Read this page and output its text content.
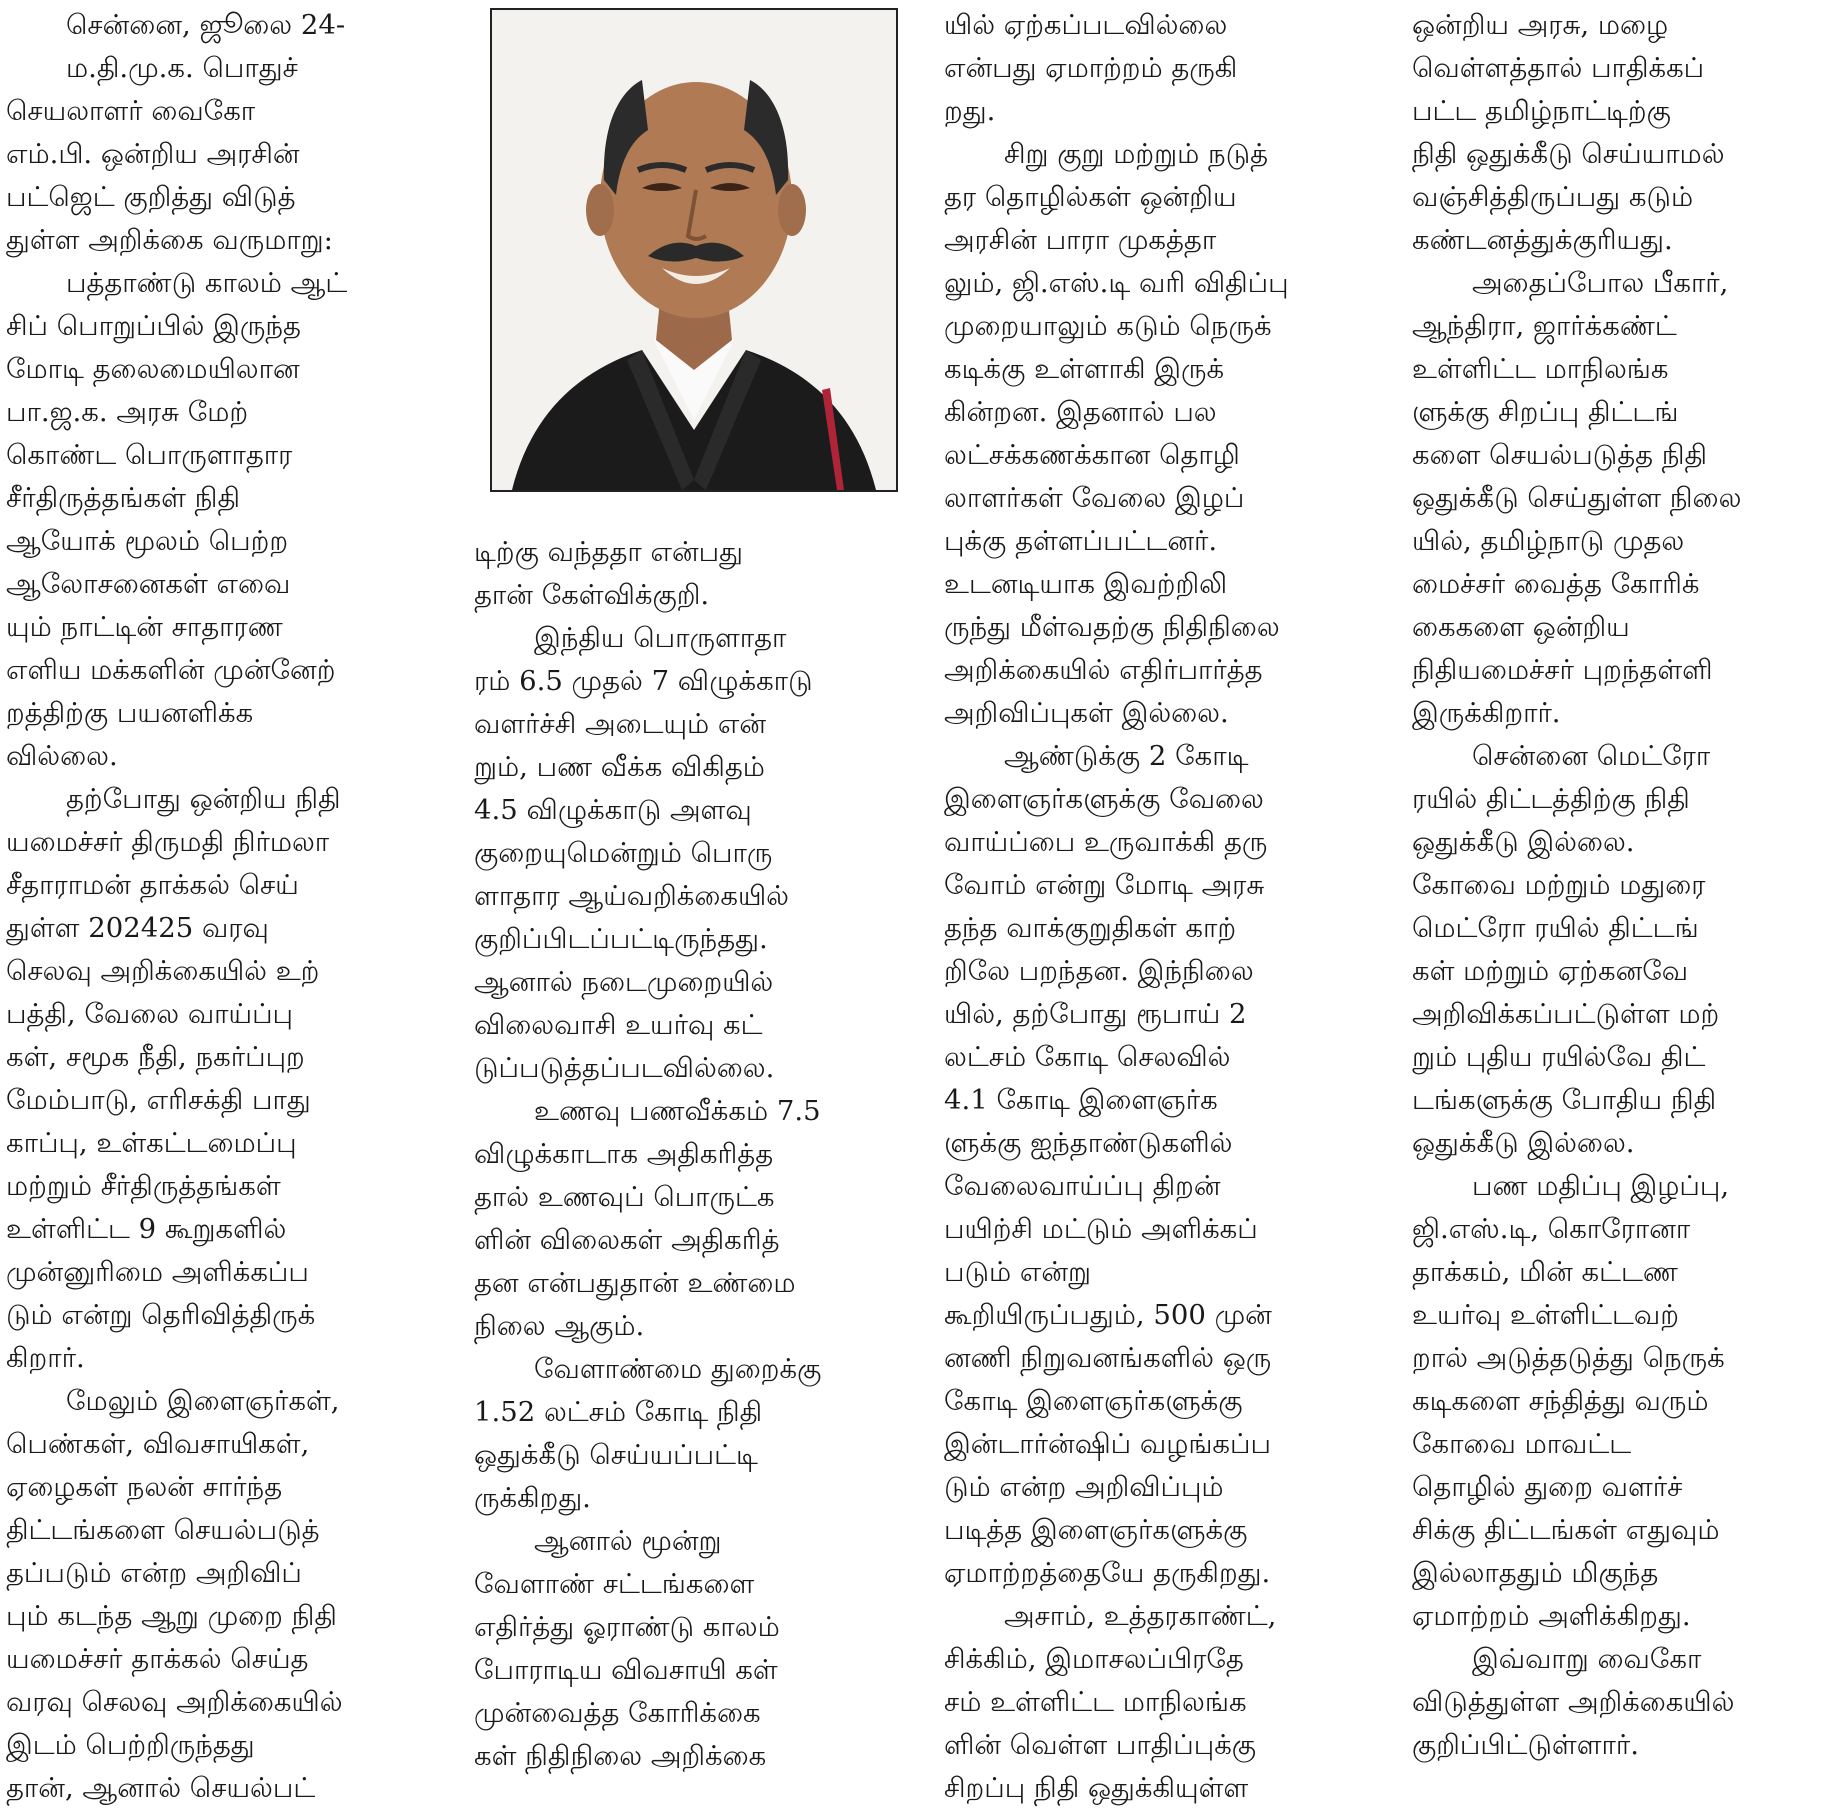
சென்னை, ஜூலை 24-
ம.தி.மு.க. பொதுச்
செயலாளர் வைகோ
எம்.பி. ஒன்றிய அரசின்
பட்ஜெட் குறித்து விடுத்
துள்ள அறிக்கை வருமாறு:
பத்தாண்டு காலம் ஆட்
சிப் பொறுப்பில் இருந்த
மோடி தலைமையிலான
பா.ஜ.க. அரசு மேற்
கொண்ட பொருளாதார
சீர்திருத்தங்கள் நிதி
ஆயோக் மூலம் பெற்ற
ஆலோசனைகள் எவை
யும் நாட்டின் சாதாரண
எளிய மக்களின் முன்னேற்
றத்திற்கு பயனளிக்க
வில்லை.
தற்போது ஒன்றிய நிதி
யமைச்சர் திருமதி நிர்மலா
சீதாராமன் தாக்கல் செய்
துள்ள 202425 வரவு
செலவு அறிக்கையில் உற்
பத்தி, வேலை வாய்ப்பு
கள், சமூக நீதி, நகர்ப்புற
மேம்பாடு, எரிசக்தி பாது
காப்பு, உள்கட்டமைப்பு
மற்றும் சீர்திருத்தங்கள்
உள்ளிட்ட 9 கூறுகளில்
முன்னுரிமை அளிக்கப்ப
டும் என்று தெரிவித்திருக்
கிறார்.
மேலும் இளைஞர்கள்,
பெண்கள், விவசாயிகள்,
ஏழைகள் நலன் சார்ந்த
திட்டங்களை செயல்படுத்
தப்படும் என்ற அறிவிப்
பும் கடந்த ஆறு முறை நிதி
யமைச்சர் தாக்கல் செய்த
வரவு செலவு அறிக்கையில்
இடம் பெற்றிருந்தது
தான், ஆனால் செயல்பட்
டிற்கு வந்ததா என்பது
தான் கேள்விக்குறி.
இந்திய பொருளாதா
ரம் 6.5 முதல் 7 விழுக்காடு
வளர்ச்சி அடையும் என்
றும், பண வீக்க விகிதம்
4.5 விழுக்காடு அளவு
குறையுமென்றும் பொரு
ளாதார ஆய்வறிக்கையில்
குறிப்பிடப்பட்டிருந்தது.
ஆனால் நடைமுறையில்
விலைவாசி உயர்வு கட்
டுப்படுத்தப்படவில்லை.
உணவு பணவீக்கம் 7.5
விழுக்காடாக அதிகரித்த
தால் உணவுப் பொருட்க
ளின் விலைகள் அதிகரித்
தன என்பதுதான் உண்மை
நிலை ஆகும்.
வேளாண்மை துறைக்கு
1.52 லட்சம் கோடி நிதி
ஒதுக்கீடு செய்யப்பட்டி
ருக்கிறது.
ஆனால் மூன்று
வேளாண் சட்டங்களை
எதிர்த்து ஓராண்டு காலம்
போராடிய விவசாயி கள்
முன்வைத்த கோரிக்கை
கள் நிதிநிலை அறிக்கை
யில் ஏற்கப்படவில்லை
என்பது ஏமாற்றம் தருகி
றது.
சிறு குறு மற்றும் நடுத்
தர தொழில்கள் ஒன்றிய
அரசின் பாரா முகத்தா
லும், ஜி.எஸ்.டி வரி விதிப்பு
முறையாலும் கடும் நெருக்
கடிக்கு உள்ளாகி இருக்
கின்றன. இதனால் பல
லட்சக்கணக்கான தொழி
லாளர்கள் வேலை இழப்
புக்கு தள்ளப்பட்டனர்.
உடனடியாக இவற்றிலி
ருந்து மீள்வதற்கு நிதிநிலை
அறிக்கையில் எதிர்பார்த்த
அறிவிப்புகள் இல்லை.
ஆண்டுக்கு 2 கோடி
இளைஞர்களுக்கு வேலை
வாய்ப்பை உருவாக்கி தரு
வோம் என்று மோடி அரசு
தந்த வாக்குறுதிகள் காற்
றிலே பறந்தன. இந்நிலை
யில், தற்போது ரூபாய் 2
லட்சம் கோடி செலவில்
4.1 கோடி இளைஞர்க
ளுக்கு ஐந்தாண்டுகளில்
வேலைவாய்ப்பு திறன்
பயிற்சி மட்டும் அளிக்கப்
படும் என்று
கூறியிருப்பதும், 500 முன்
னணி நிறுவனங்களில் ஒரு
கோடி இளைஞர்களுக்கு
இன்டார்ன்ஷிப் வழங்கப்ப
டும் என்ற அறிவிப்பும்
படித்த இளைஞர்களுக்கு
ஏமாற்றத்தையே தருகிறது.
அசாம், உத்தரகாண்ட்,
சிக்கிம், இமாசலப்பிரதே
சம் உள்ளிட்ட மாநிலங்க
ளின் வெள்ள பாதிப்புக்கு
சிறப்பு நிதி ஒதுக்கியுள்ள
ஒன்றிய அரசு, மழை
வெள்ளத்தால் பாதிக்கப்
பட்ட தமிழ்நாட்டிற்கு
நிதி ஒதுக்கீடு செய்யாமல்
வஞ்சித்திருப்பது கடும்
கண்டனத்துக்குரியது.
அதைப்போல பீகார்,
ஆந்திரா, ஜார்க்கண்ட்
உள்ளிட்ட மாநிலங்க
ளுக்கு சிறப்பு திட்டங்
களை செயல்படுத்த நிதி
ஒதுக்கீடு செய்துள்ள நிலை
யில், தமிழ்நாடு முதல
மைச்சர் வைத்த கோரிக்
கைகளை ஒன்றிய
நிதியமைச்சர் புறந்தள்ளி
இருக்கிறார்.
சென்னை மெட்ரோ
ரயில் திட்டத்திற்கு நிதி
ஒதுக்கீடு இல்லை.
கோவை மற்றும் மதுரை
மெட்ரோ ரயில் திட்டங்
கள் மற்றும் ஏற்கனவே
அறிவிக்கப்பட்டுள்ள மற்
றும் புதிய ரயில்வே திட்
டங்களுக்கு போதிய நிதி
ஒதுக்கீடு இல்லை.
பண மதிப்பு இழப்பு,
ஜி.எஸ்.டி, கொரோனா
தாக்கம், மின் கட்டண
உயர்வு உள்ளிட்டவற்
றால் அடுத்தடுத்து நெருக்
கடிகளை சந்தித்து வரும்
கோவை மாவட்ட
தொழில் துறை வளர்ச்
சிக்கு திட்டங்கள் எதுவும்
இல்லாததும் மிகுந்த
ஏமாற்றம் அளிக்கிறது.
இவ்வாறு வைகோ
விடுத்துள்ள அறிக்கையில்
குறிப்பிட்டுள்ளார்.
